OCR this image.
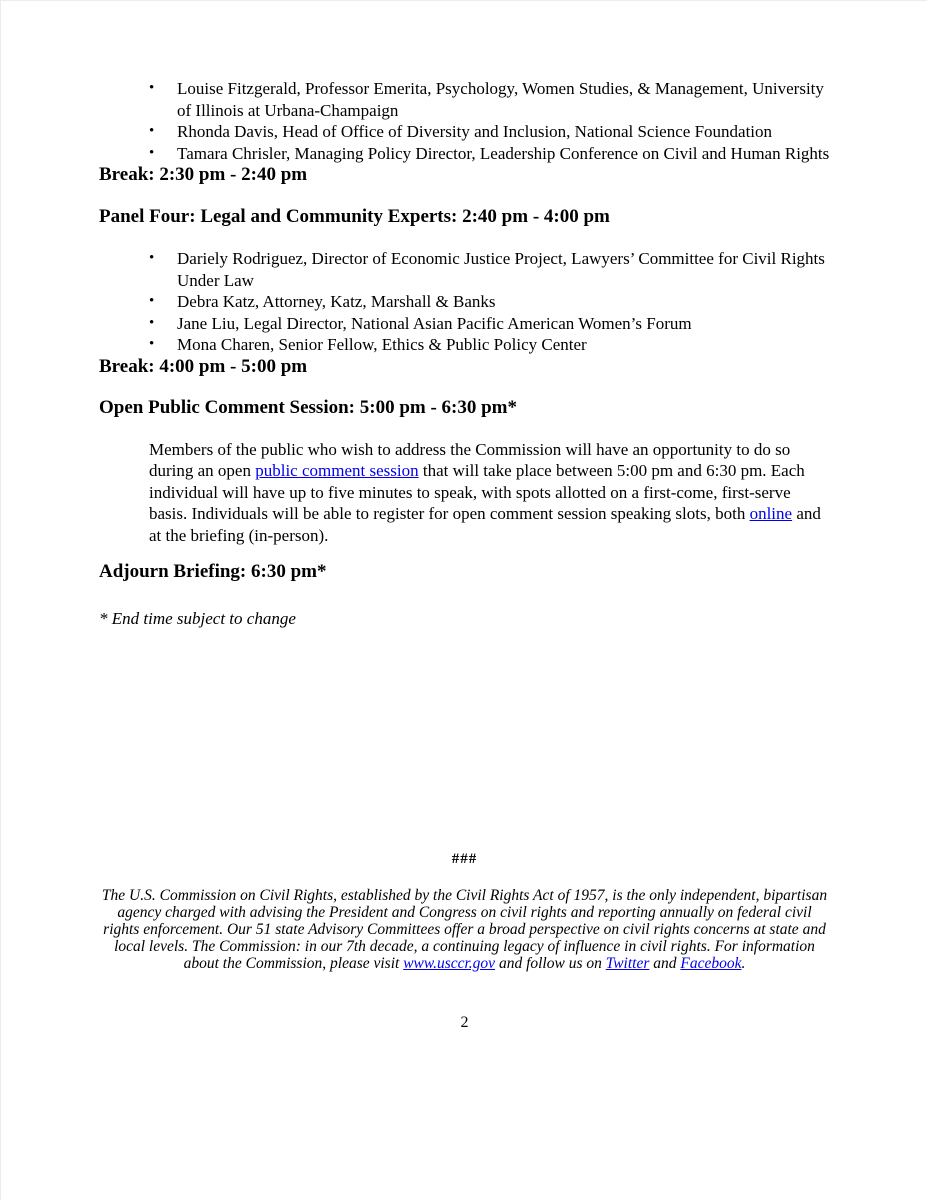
• Louise Fitzgerald, Professor Emerita, Psychology, Women Studies, & Management, University of Illinois at Urbana-Champaign
• Rhonda Davis, Head of Office of Diversity and Inclusion, National Science Foundation
• Tamara Chrisler, Managing Policy Director, Leadership Conference on Civil and Human Rights

Break: 2:30 pm - 2:40 pm

Panel Four: Legal and Community Experts: 2:40 pm - 4:00 pm

• Dariely Rodriguez, Director of Economic Justice Project, Lawyers’ Committee for Civil Rights Under Law
• Debra Katz, Attorney, Katz, Marshall & Banks
• Jane Liu, Legal Director, National Asian Pacific American Women’s Forum
• Mona Charen, Senior Fellow, Ethics & Public Policy Center

Break: 4:00 pm - 5:00 pm

Open Public Comment Session: 5:00 pm - 6:30 pm*

Members of the public who wish to address the Commission will have an opportunity to do so during an open public comment session that will take place between 5:00 pm and 6:30 pm. Each individual will have up to five minutes to speak, with spots allotted on a first-come, first-serve basis. Individuals will be able to register for open comment session speaking slots, both online and at the briefing (in-person).

Adjourn Briefing: 6:30 pm*

* End time subject to change

###

The U.S. Commission on Civil Rights, established by the Civil Rights Act of 1957, is the only independent, bipartisan agency charged with advising the President and Congress on civil rights and reporting annually on federal civil rights enforcement. Our 51 state Advisory Committees offer a broad perspective on civil rights concerns at state and local levels. The Commission: in our 7th decade, a continuing legacy of influence in civil rights. For information about the Commission, please visit www.usccr.gov and follow us on Twitter and Facebook.

2
